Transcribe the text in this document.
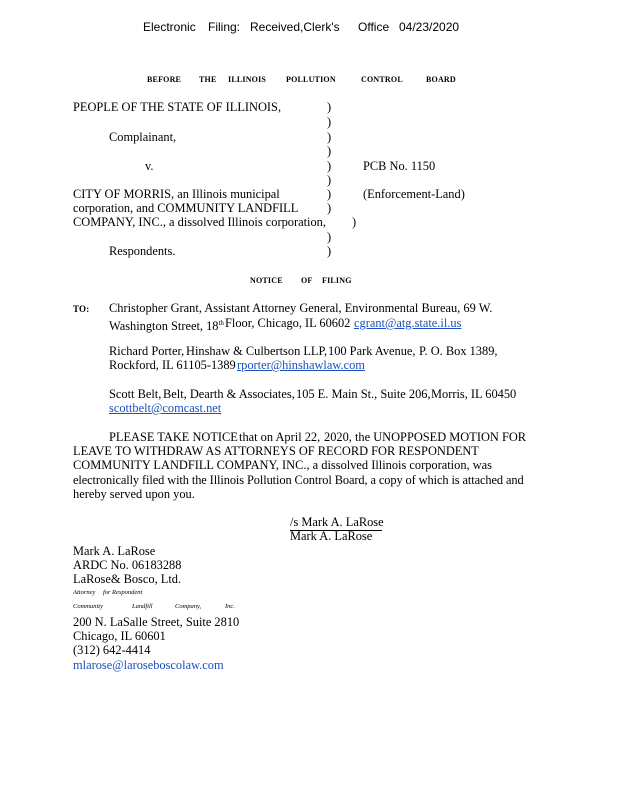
Electronic Filing: Received,Clerk's Office 04/23/2020
BEFORE THE ILLINOIS POLLUTION	CONTROL	BOARD
PEOPLE OF THE STATE OF ILLINOIS,
Complainant,
v.	PCB No. 1150
CITY OF MORRIS, an Illinois municipal	(Enforcement-Land)
corporation, and COMMUNITY LANDFILL
COMPANY, INC., a dissolved Illinois corporation,
Respondents.
)
)
)
)
)
)
)
)
)
)
)
NOTICE OF FILING
TO: Christopher Grant, Assistant Attorney General, Environmental Bureau, 69 W.
Washington Street, 18th Floor, Chicago, IL 60602 cgrant@atg.state.il.us
Richard Porter, Hinshaw & Culbertson LLP, 100 Park Avenue, P. O. Box 1389,
Rockford, IL 61105-1389 rporter@hinshawlaw.com
Scott Belt, Belt, Dearth & Associates, 105 E. Main St., Suite 206, Morris, IL 60450
scottbelt@comcast.net
PLEASE TAKE NOTICE that on April 22, 2020, the UNOPPOSED MOTION FOR
LEAVE TO WITHDRAW AS ATTORNEYS OF RECORD FOR RESPONDENT
COMMUNITY LANDFILL COMPANY, INC., a dissolved Illinois corporation, was
electronically filed with the Illinois Pollution Control Board, a copy of which is attached and
hereby served upon you.
/s Mark A. LaRose
Mark A. LaRose
Mark A. LaRose
ARDC No. 06183288
LaRose& Bosco, Ltd.
Attorney for Respondent
Community	Landfill	Company,	Inc.
200 N. LaSalle Street, Suite 2810
Chicago, IL 60601
(312) 642-4414
mlarose@laroseboscolaw.com
